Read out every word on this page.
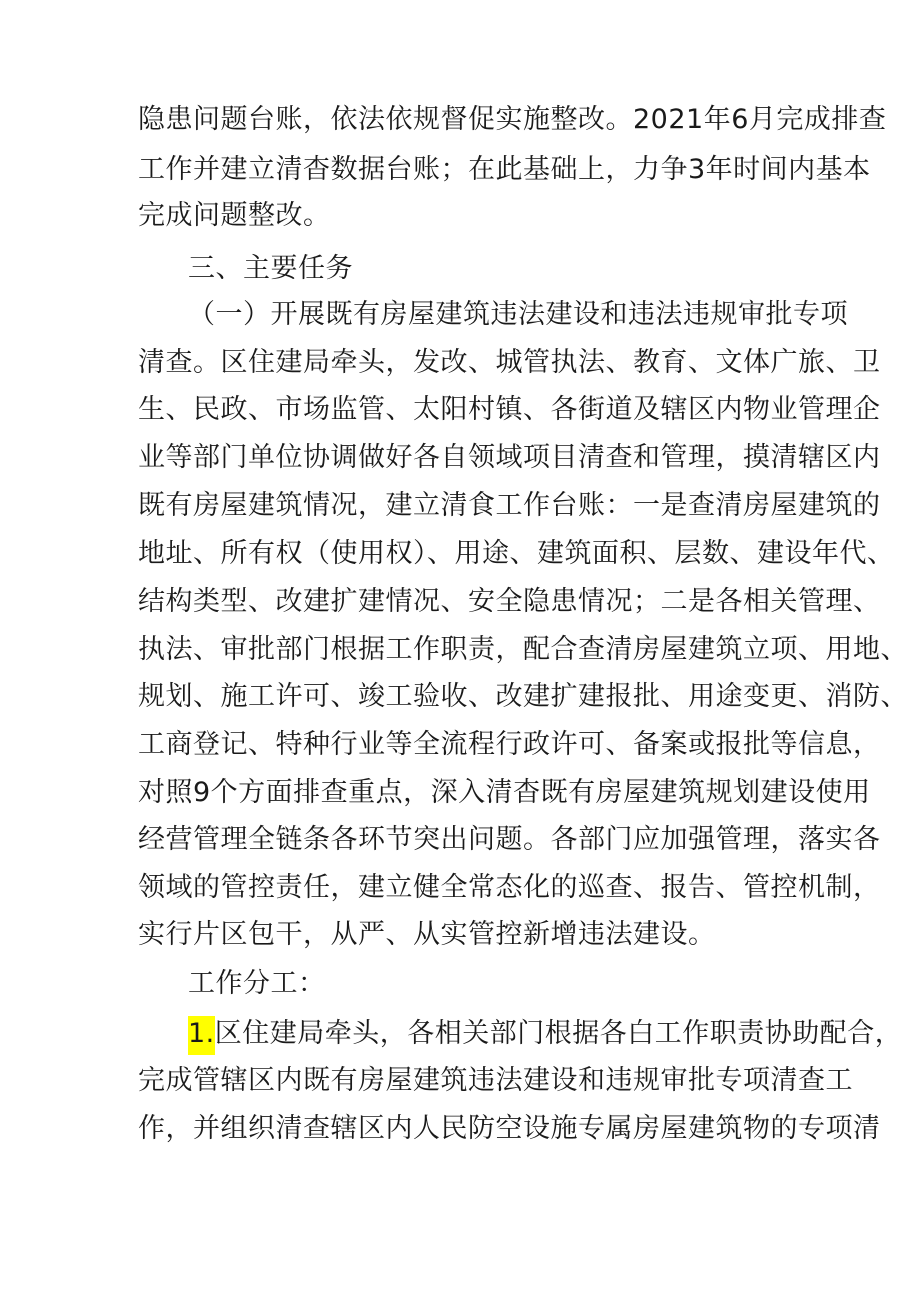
隐患问题台账，依法依规督促实施整改。2021年6月完成排查
工作并建立清杳数据台账；在此基础上，力争3年时间内基本
完成问题整改。
三、主要任务
（一）开展既有房屋建筑违法建设和违法违规审批专项
清查。区住建局牵头，发改、城管执法、教育、文体广旅、卫
生、民政、市场监管、太阳村镇、各街道及辖区内物业管理企
业等部门单位协调做好各自领域项目清查和管理，摸清辖区内
既有房屋建筑情况，建立清食工作台账：一是查清房屋建筑的
地址、所有权（使用权）、用途、建筑面积、层数、建设年代、
结构类型、改建扩建情况、安全隐患情况；二是各相关管理、
执法、审批部门根据工作职责，配合查清房屋建筑立项、用地、
规划、施工许可、竣工验收、改建扩建报批、用途变更、消防、
工商登记、特种行业等全流程行政许可、备案或报批等信息，
对照9个方面排查重点，深入清杳既有房屋建筑规划建设使用
经营管理全链条各环节突出问题。各部门应加强管理，落实各
领域的管控责任，建立健全常态化的巡查、报告、管控机制，
实行片区包干，从严、从实管控新增违法建设。
工作分工：
1.区住建局牵头，各相关部门根据各白工作职责协助配合，
完成管辖区内既有房屋建筑违法建设和违规审批专项清查工
作，并组织清查辖区内人民防空设施专属房屋建筑物的专项清
